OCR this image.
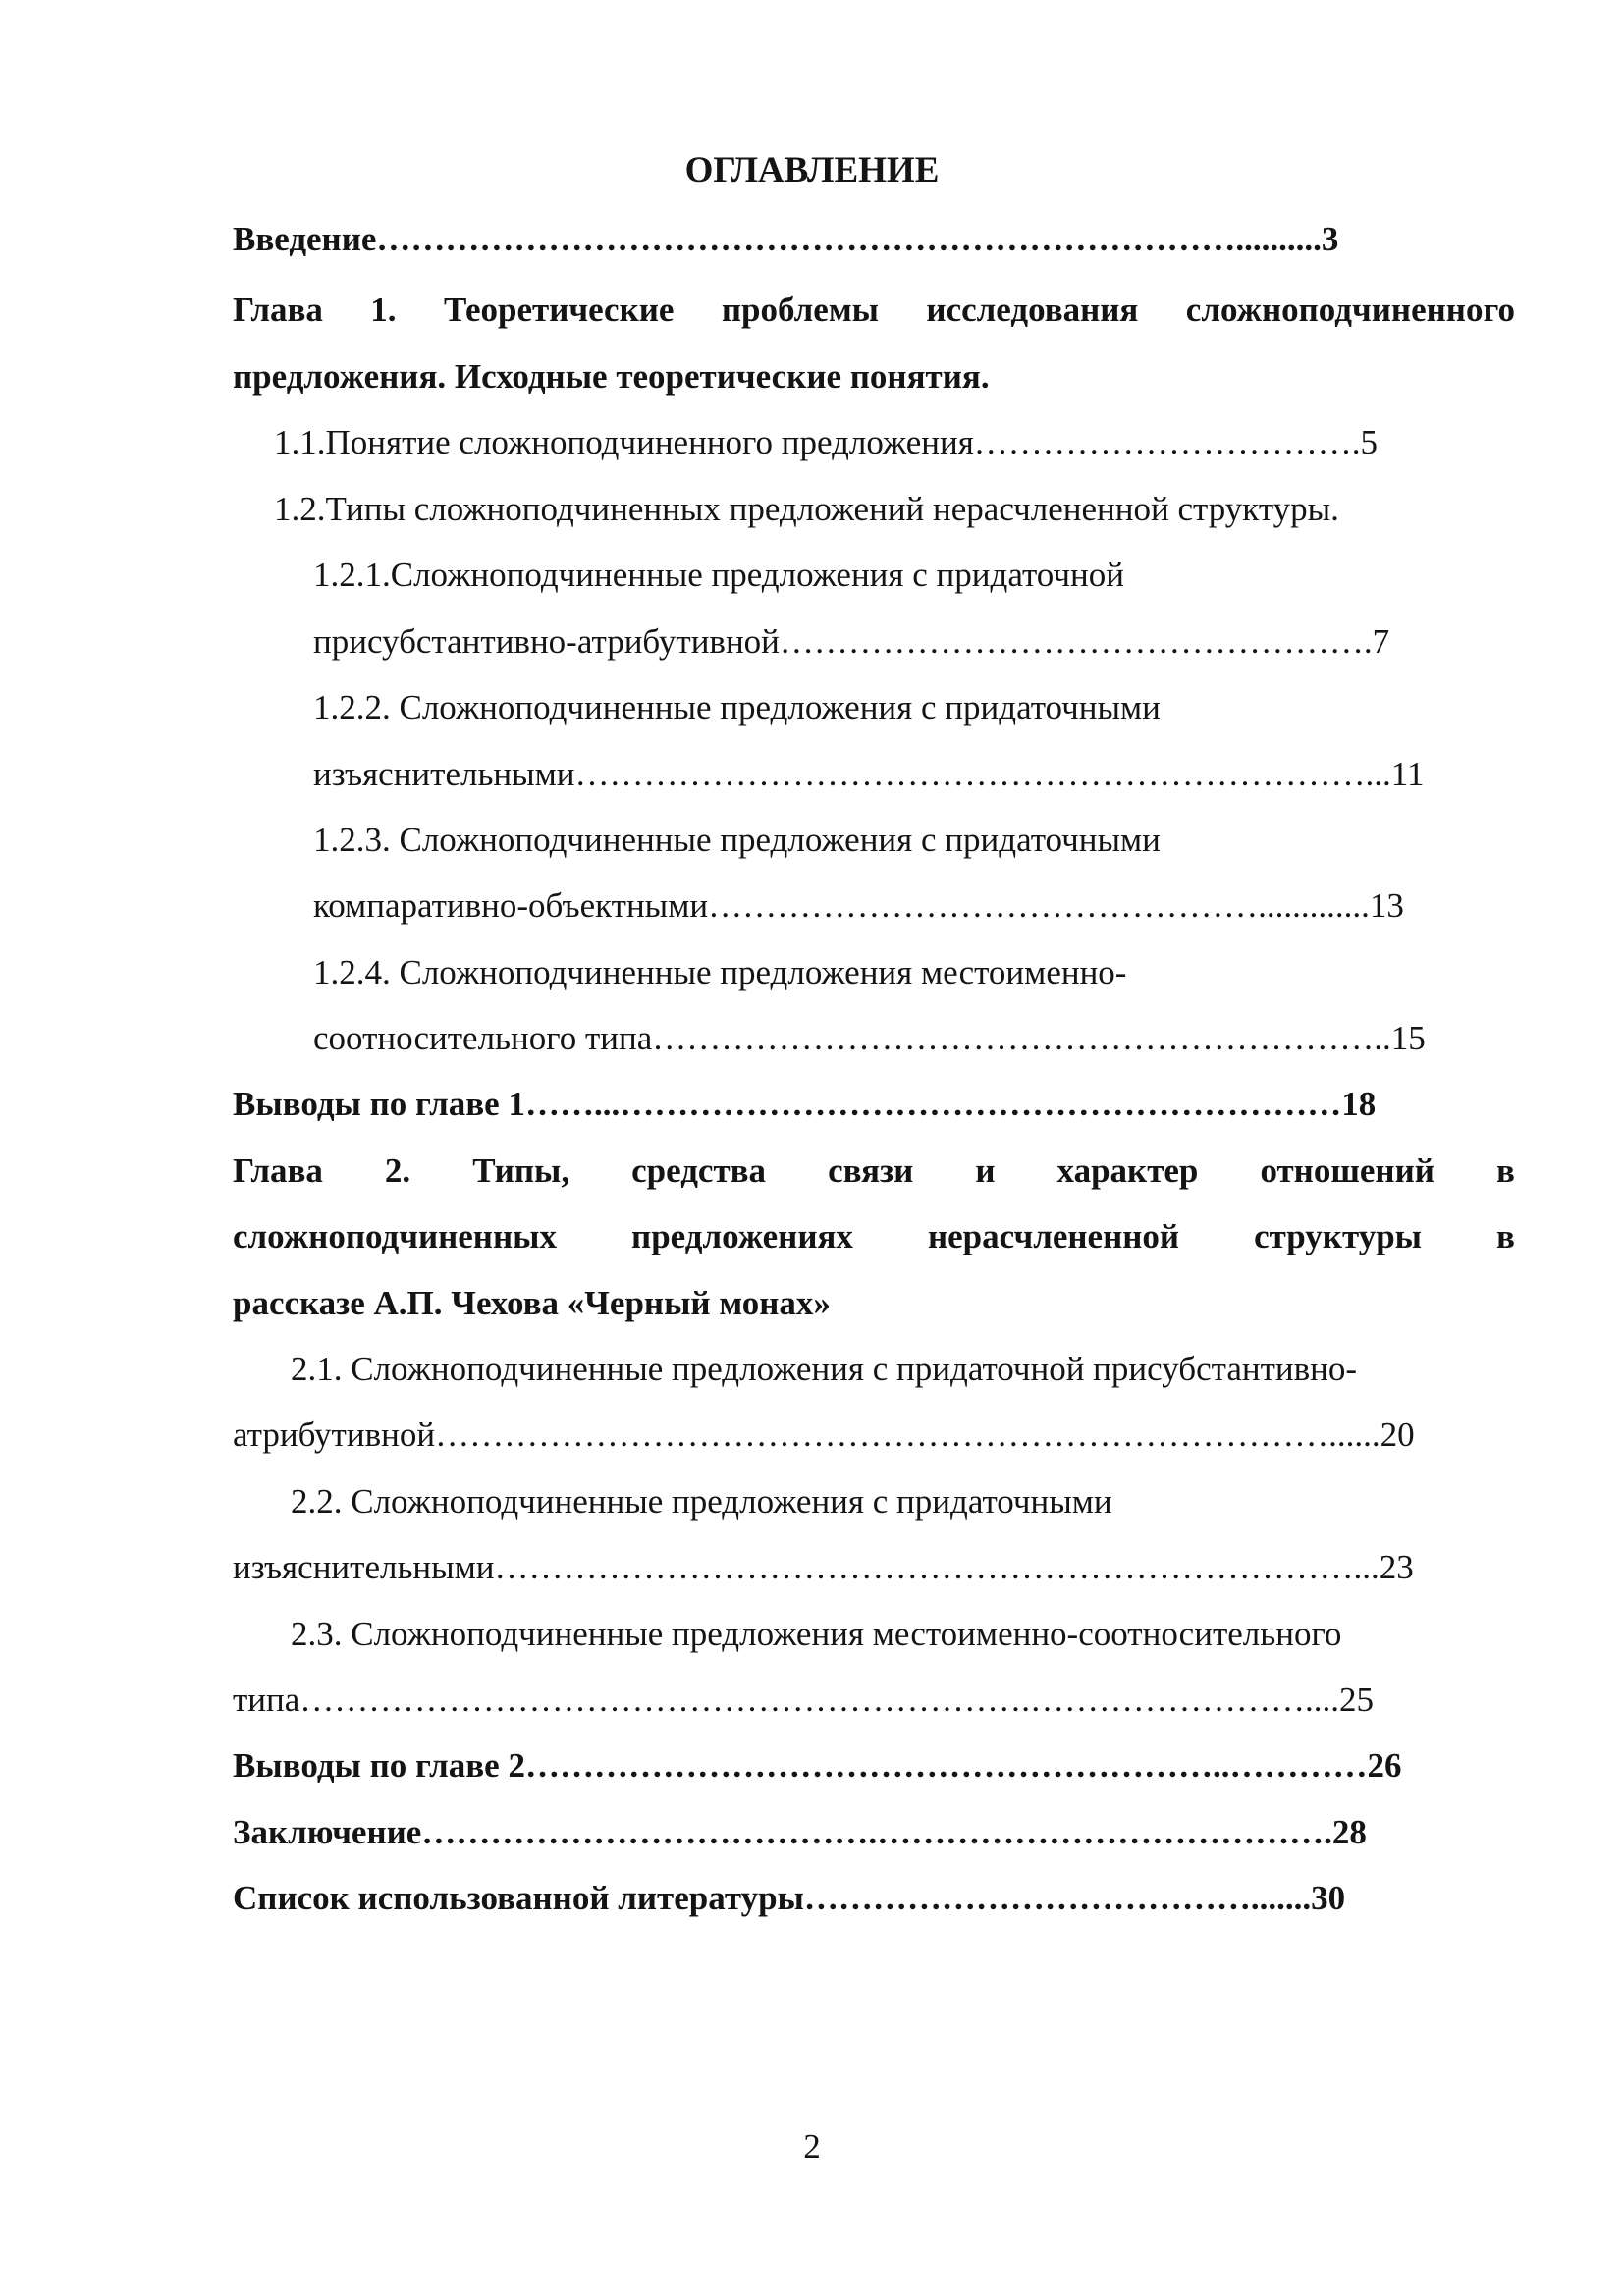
ОГЛАВЛЕНИЕ
Введение…………………………………………………………………..........3
Глава 1. Теоретические проблемы исследования сложноподчиненного
предложения. Исходные теоретические понятия.
1.1.Понятие сложноподчиненного предложения…………………………….5
1.2.Типы сложноподчиненных предложений нерасчлененной структуры.
1.2.1.Сложноподчиненные предложения с придаточной
присубстантивно-атрибутивной…………………………………………….7
1.2.2. Сложноподчиненные предложения с придаточными
изъяснительными……………………………………………………………...11
1.2.3. Сложноподчиненные предложения с придаточными
компаративно-объектными………………………………………….............13
1.2.4. Сложноподчиненные предложения местоименно-
соотносительного типа………………………………………………………..15
Выводы по главе 1……...………………………………………………………18
Глава 2. Типы, средства связи и характер отношений в
сложноподчиненных предложениях нерасчлененной структуры в
рассказе А.П. Чехова «Черный монах»
2.1. Сложноподчиненные предложения с придаточной присубстантивно-
атрибутивной……………………………………………………………………......20
2.2. Сложноподчиненные предложения с придаточными
изъяснительными…………………………………………………………………...23
2.3. Сложноподчиненные предложения местоименно-соотносительного
типа……………………………………………………….……………………....25
Выводы по главе 2……………………………………………………..…………26
Заключение………………………………….………………………………….28
Список использованной литературы………………………………….......30
2
